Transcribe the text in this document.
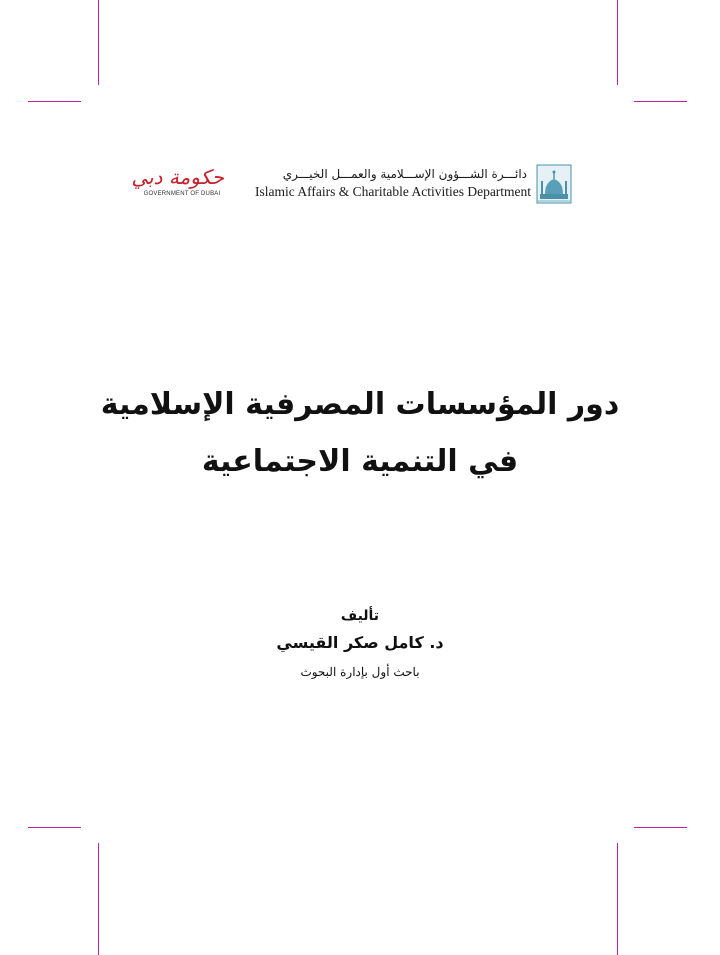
دائـــرة الشـــؤون الإســـلامية والعمـــل الخيـــري
Islamic Affairs & Charitable Activities Department
حكومة دبي
GOVERNMENT OF DUBAI
دور المؤسسات المصرفية الإسلامية
في التنمية الاجتماعية
تأليف
د. كامل صكر القيسي
باحث أول بإدارة البحوث
